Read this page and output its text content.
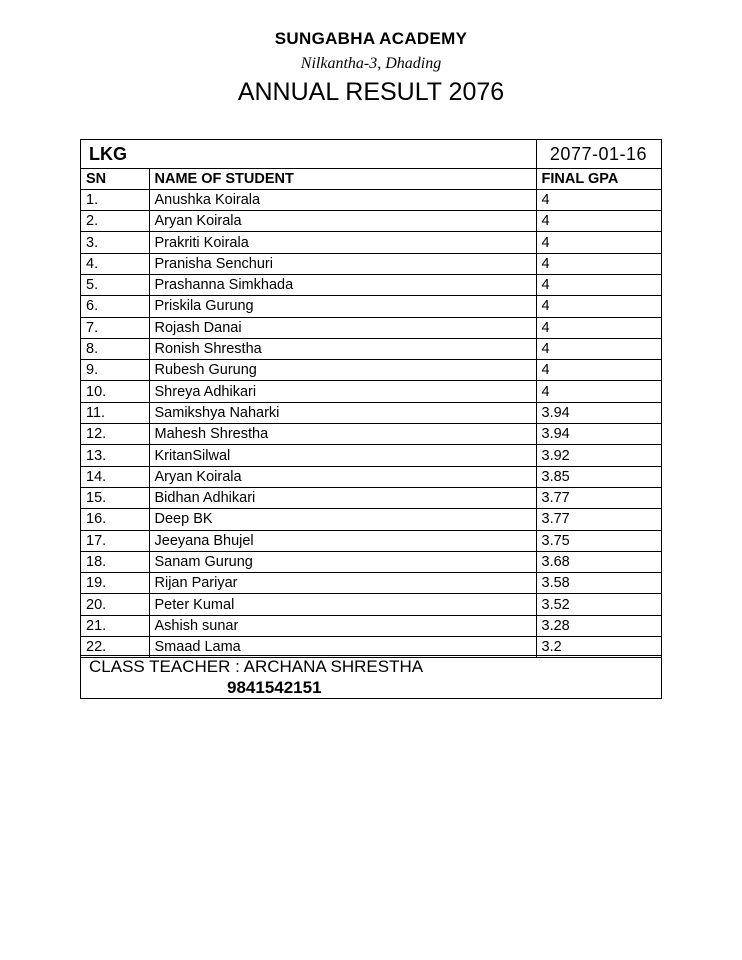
SUNGABHA ACADEMY
Nilkantha-3, Dhading
ANNUAL RESULT 2076
LKG		2077-01-16
SN	NAME OF STUDENT	FINAL GPA
1.	Anushka Koirala	4
2.	Aryan Koirala	4
3.	Prakriti Koirala	4
4.	Pranisha Senchuri	4
5.	Prashanna Simkhada	4
6.	Priskila Gurung	4
7.	Rojash Danai	4
8.	Ronish Shrestha	4
9.	Rubesh Gurung	4
10.	Shreya Adhikari	4
11.	Samikshya Naharki	3.94
12.	Mahesh Shrestha	3.94
13.	KritanSilwal	3.92
14.	Aryan Koirala	3.85
15.	Bidhan Adhikari	3.77
16.	Deep BK	3.77
17.	Jeeyana Bhujel	3.75
18.	Sanam Gurung	3.68
19.	Rijan Pariyar	3.58
20.	Peter Kumal	3.52
21.	Ashish sunar	3.28
22.	Smaad Lama	3.2
CLASS TEACHER : ARCHANA SHRESTHA
9841542151
